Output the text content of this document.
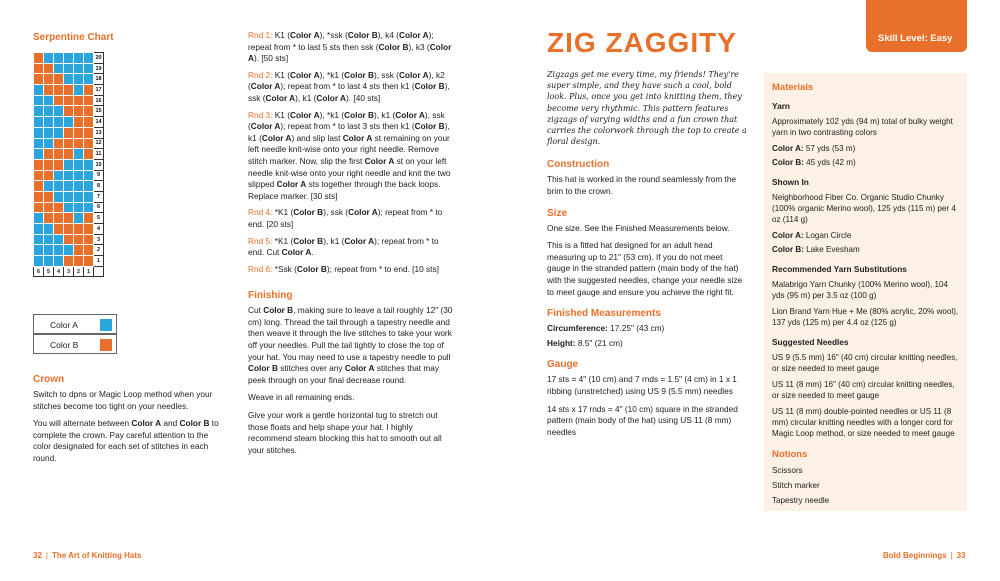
Serpentine Chart
						20
						19
						18
						17
						16
						15
						14
						13
						12
						11
						10
						9
						8
						7
						6
						5
						4
						3
						2
						1
6	5	4	3	2	1	
Color A
Color B
Crown

Switch to dpns or Magic Loop method when your stitches become too tight on your needles.

You will alternate between Color A and Color B to complete the crown. Pay careful attention to the color designated for each set of stitches in each round.

32 | The Art of Knitting Hats

Rnd 1: K1 (Color A), *ssk (Color B), k4 (Color A); repeat from * to last 5 sts then ssk (Color B), k3 (Color A). [50 sts]

Rnd 2: K1 (Color A), *k1 (Color B), ssk (Color A), k2 (Color A); repeat from * to last 4 sts then k1 (Color B), ssk (Color A), k1 (Color A). [40 sts]

Rnd 3: K1 (Color A), *k1 (Color B), k1 (Color A), ssk (Color A); repeat from * to last 3 sts then k1 (Color B), k1 (Color A) and slip last Color A st remaining on your left needle knit-wise onto your right needle. Remove stitch marker. Now, slip the first Color A st on your left needle knit-wise onto your right needle and knit the two slipped Color A sts together through the back loops. Replace marker. [30 sts]

Rnd 4: *K1 (Color B), ssk (Color A); repeat from * to end. [20 sts]

Rnd 5: *K1 (Color B), k1 (Color A); repeat from * to end. Cut Color A.

Rnd 6: *Ssk (Color B); repeat from * to end. [10 sts]

Finishing

Cut Color B, making sure to leave a tail roughly 12" (30 cm) long. Thread the tail through a tapestry needle and then weave it through the live stitches to take your work off your needles. Pull the tail tightly to close the top of your hat. You may need to use a tapestry needle to pull Color B stitches over any Color A stitches that may peek through on your final decrease round.

Weave in all remaining ends.

Give your work a gentle horizontal tug to stretch out those floats and help shape your hat. I highly recommend steam blocking this hat to smooth out all your stitches.

Skill Level: Easy
ZIG ZAGGITY

Zigzags get me every time, my friends! They're super simple, and they have such a cool, bold look. Plus, once you get into knitting them, they become very rhythmic. This pattern features zigzags of varying widths and a fun crown that carries the colorwork through the top to create a floral design.

Construction

This hat is worked in the round seamlessly from the brim to the crown.

Size

One size. See the Finished Measurements below.

This is a fitted hat designed for an adult head measuring up to 21" (53 cm). If you do not meet gauge in the stranded pattern (main body of the hat) with the suggested needles, change your needle size to meet gauge and ensure you achieve the right fit.

Finished Measurements

Circumference: 17.25" (43 cm)

Height: 8.5" (21 cm)

Gauge

17 sts = 4" (10 cm) and 7 rnds = 1.5" (4 cm) in 1 x 1 ribbing (unstretched) using US 9 (5.5 mm) needles

14 sts x 17 rnds = 4" (10 cm) square in the stranded pattern (main body of the hat) using US 11 (8 mm) needles

Materials
Yarn

Approximately 102 yds (94 m) total of bulky weight yarn in two contrasting colors

Color A: 57 yds (53 m)

Color B: 45 yds (42 m)

Shown In

Neighborhood Fiber Co. Organic Studio Chunky (100% organic Merino wool), 125 yds (115 m) per 4 oz (114 g)

Color A: Logan Circle

Color B: Lake Evesham

Recommended Yarn Substitutions

Malabrigo Yarn Chunky (100% Merino wool), 104 yds (95 m) per 3.5 oz (100 g)

Lion Brand Yarn Hue + Me (80% acrylic, 20% wool), 137 yds (125 m) per 4.4 oz (125 g)

Suggested Needles

US 9 (5.5 mm) 16" (40 cm) circular knitting needles, or size needed to meet gauge

US 11 (8 mm) 16" (40 cm) circular knitting needles, or size needed to meet gauge

US 11 (8 mm) double-pointed needles or US 11 (8 mm) circular knitting needles with a longer cord for Magic Loop method, or size needed to meet gauge

Notions

Scissors

Stitch marker

Tapestry needle

Bold Beginnings | 33
